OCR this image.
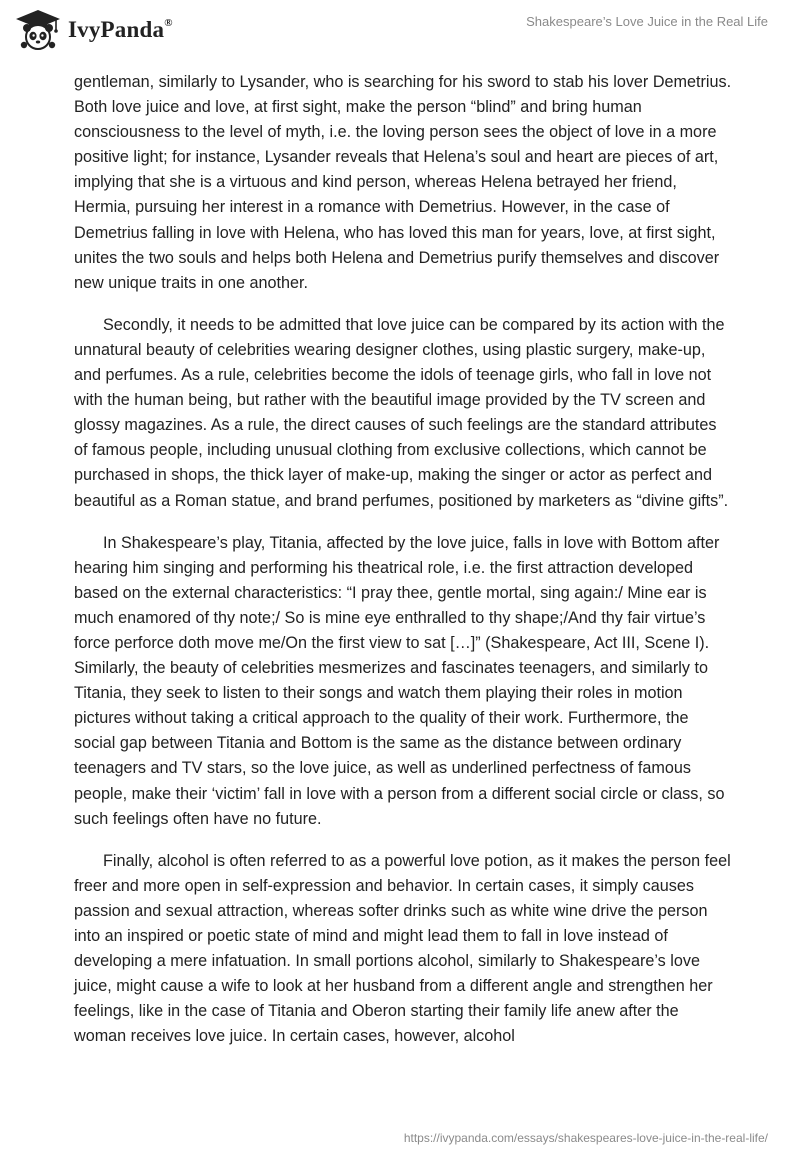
IvyPanda®	Shakespeare’s Love Juice in the Real Life

gentleman, similarly to Lysander, who is searching for his sword to stab his lover Demetrius. Both love juice and love, at first sight, make the person “blind” and bring human consciousness to the level of myth, i.e. the loving person sees the object of love in a more positive light; for instance, Lysander reveals that Helena’s soul and heart are pieces of art, implying that she is a virtuous and kind person, whereas Helena betrayed her friend, Hermia, pursuing her interest in a romance with Demetrius. However, in the case of Demetrius falling in love with Helena, who has loved this man for years, love, at first sight, unites the two souls and helps both Helena and Demetrius purify themselves and discover new unique traits in one another.

Secondly, it needs to be admitted that love juice can be compared by its action with the unnatural beauty of celebrities wearing designer clothes, using plastic surgery, make-up, and perfumes. As a rule, celebrities become the idols of teenage girls, who fall in love not with the human being, but rather with the beautiful image provided by the TV screen and glossy magazines. As a rule, the direct causes of such feelings are the standard attributes of famous people, including unusual clothing from exclusive collections, which cannot be purchased in shops, the thick layer of make-up, making the singer or actor as perfect and beautiful as a Roman statue, and brand perfumes, positioned by marketers as “divine gifts”.

In Shakespeare’s play, Titania, affected by the love juice, falls in love with Bottom after hearing him singing and performing his theatrical role, i.e. the first attraction developed based on the external characteristics: “I pray thee, gentle mortal, sing again:/ Mine ear is much enamored of thy note;/ So is mine eye enthralled to thy shape;/And thy fair virtue’s force perforce doth move me/On the first view to sat […]” (Shakespeare, Act III, Scene I). Similarly, the beauty of celebrities mesmerizes and fascinates teenagers, and similarly to Titania, they seek to listen to their songs and watch them playing their roles in motion pictures without taking a critical approach to the quality of their work. Furthermore, the social gap between Titania and Bottom is the same as the distance between ordinary teenagers and TV stars, so the love juice, as well as underlined perfectness of famous people, make their ‘victim’ fall in love with a person from a different social circle or class, so such feelings often have no future.

Finally, alcohol is often referred to as a powerful love potion, as it makes the person feel freer and more open in self-expression and behavior. In certain cases, it simply causes passion and sexual attraction, whereas softer drinks such as white wine drive the person into an inspired or poetic state of mind and might lead them to fall in love instead of developing a mere infatuation. In small portions alcohol, similarly to Shakespeare’s love juice, might cause a wife to look at her husband from a different angle and strengthen her feelings, like in the case of Titania and Oberon starting their family life anew after the woman receives love juice. In certain cases, however, alcohol

https://ivypanda.com/essays/shakespeares-love-juice-in-the-real-life/
